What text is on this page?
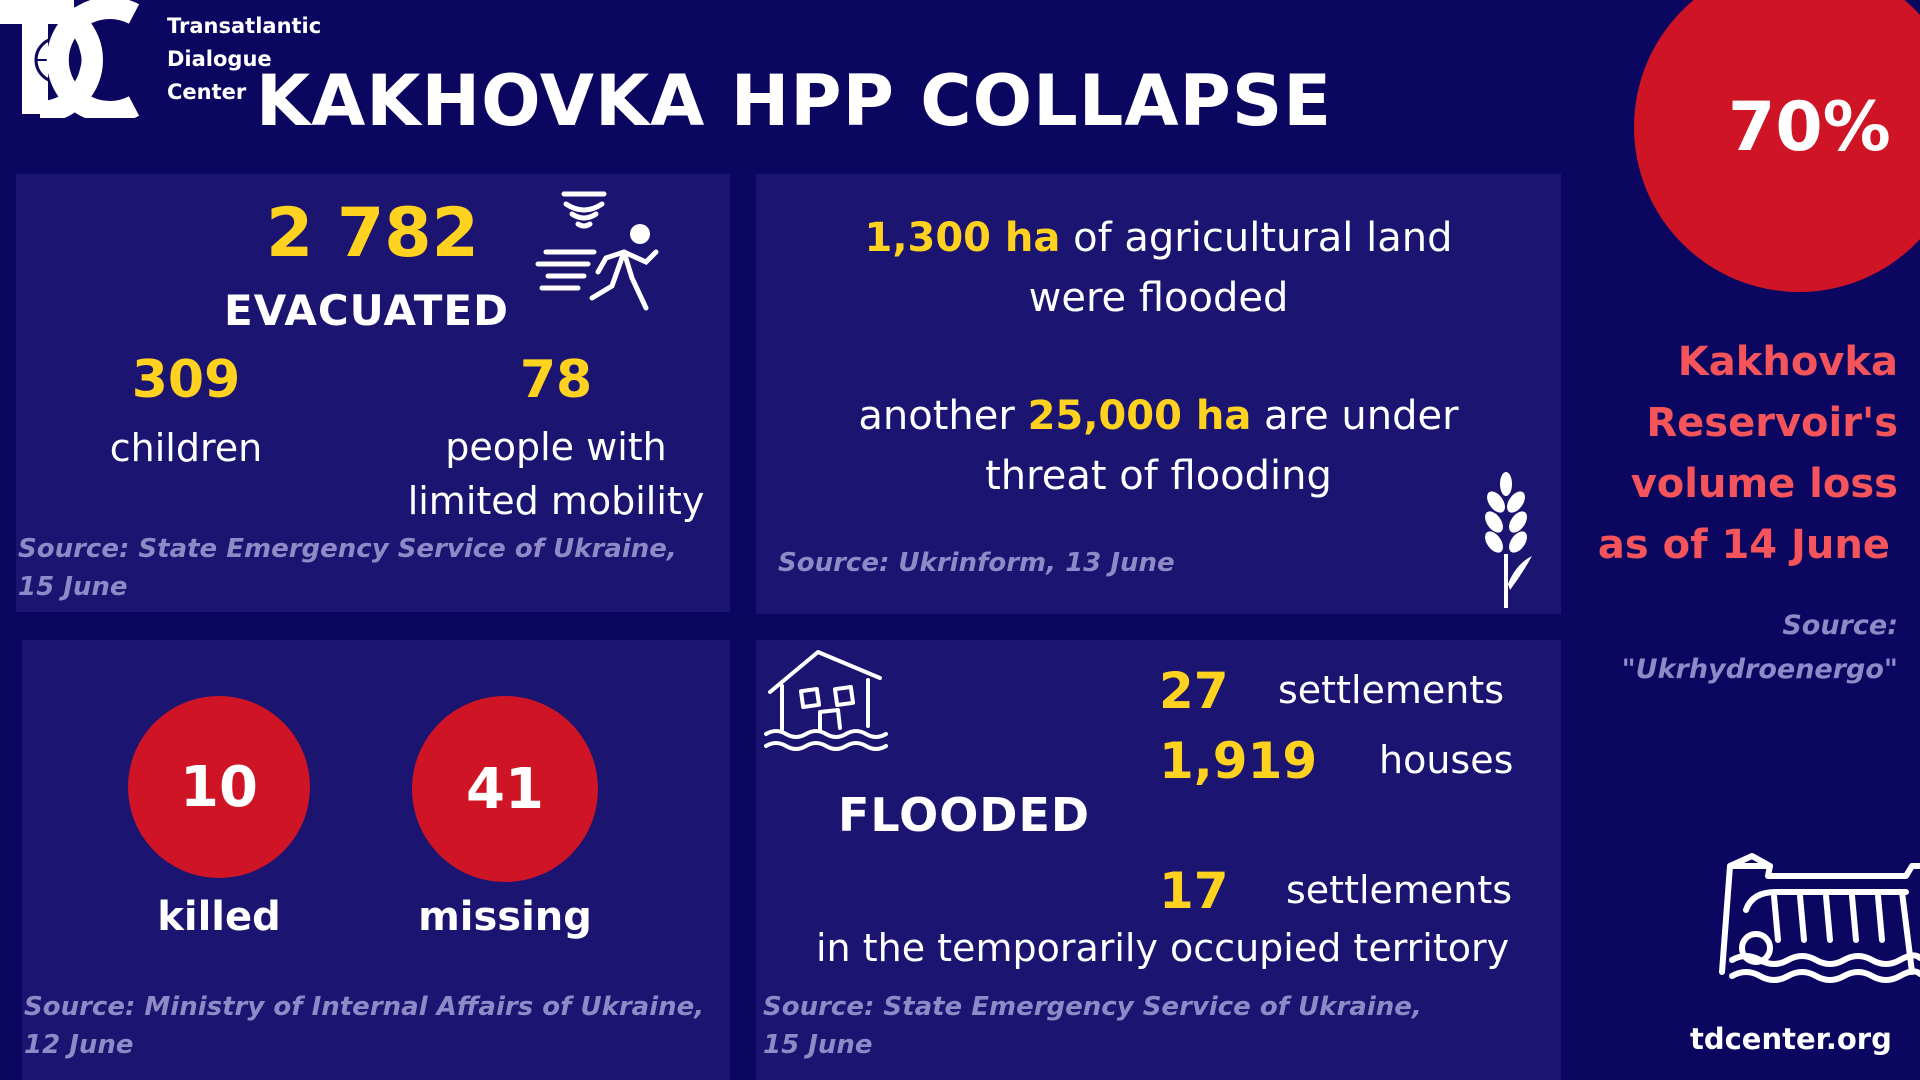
Transatlantic
Dialogue
Center KAKHOVKA HPP COLLAPSE
2 782
EVACUATED
309
children
78
people with
limited mobility
Source: State Emergency Service of Ukraine,
15 June
1,300 ha of agricultural land
were flooded
another 25,000 ha are under
threat of flooding
Source: Ukrinform, 13 June
10
killed
41
missing
Source: Ministry of Internal Affairs of Ukraine,
12 June
FLOODED
27 settlements
1,919 houses
17 settlements
in the temporarily occupied territory
Source: State Emergency Service of Ukraine,
15 June
70%
Kakhovka
Reservoir's
volume loss
as of 14 June
Source:
"Ukrhydroenergo"
tdcenter.org
